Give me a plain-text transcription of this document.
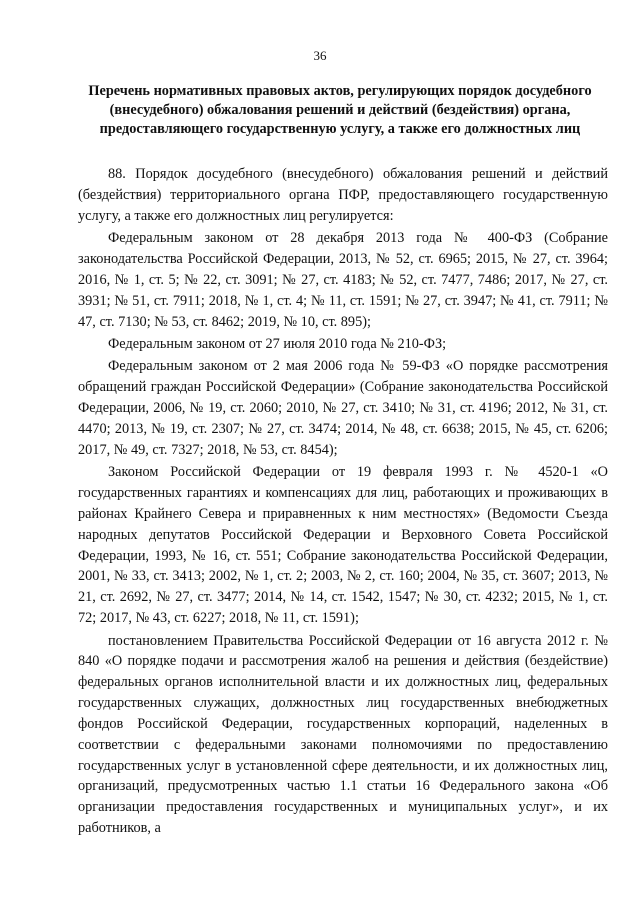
36
Перечень нормативных правовых актов, регулирующих порядок досудебного (внесудебного) обжалования решений и действий (бездействия) органа, предоставляющего государственную услугу, а также его должностных лиц

88. Порядок досудебного (внесудебного) обжалования решений и действий (бездействия) территориального органа ПФР, предоставляющего государственную услугу, а также его должностных лиц регулируется:

Федеральным законом от 28 декабря 2013 года № 400-ФЗ (Собрание законодательства Российской Федерации, 2013, № 52, ст. 6965; 2015, № 27, ст. 3964; 2016, № 1, ст. 5; № 22, ст. 3091; № 27, ст. 4183; № 52, ст. 7477, 7486; 2017, № 27, ст. 3931; № 51, ст. 7911; 2018, № 1, ст. 4; № 11, ст. 1591; № 27, ст. 3947; № 41, ст. 7911; № 47, ст. 7130; № 53, ст. 8462; 2019, № 10, ст. 895);

Федеральным законом от 27 июля 2010 года № 210-ФЗ;

Федеральным законом от 2 мая 2006 года № 59-ФЗ «О порядке рассмотрения обращений граждан Российской Федерации» (Собрание законодательства Российской Федерации, 2006, № 19, ст. 2060; 2010, № 27, ст. 3410; № 31, ст. 4196; 2012, № 31, ст. 4470; 2013, № 19, ст. 2307; № 27, ст. 3474; 2014, № 48, ст. 6638; 2015, № 45, ст. 6206; 2017, № 49, ст. 7327; 2018, № 53, ст. 8454);

Законом Российской Федерации от 19 февраля 1993 г. № 4520-1 «О государственных гарантиях и компенсациях для лиц, работающих и проживающих в районах Крайнего Севера и приравненных к ним местностях» (Ведомости Съезда народных депутатов Российской Федерации и Верховного Совета Российской Федерации, 1993, № 16, ст. 551; Собрание законодательства Российской Федерации, 2001, № 33, ст. 3413; 2002, № 1, ст. 2; 2003, № 2, ст. 160; 2004, № 35, ст. 3607; 2013, № 21, ст. 2692, № 27, ст. 3477; 2014, № 14, ст. 1542, 1547; № 30, ст. 4232; 2015, № 1, ст. 72; 2017, № 43, ст. 6227; 2018, № 11, ст. 1591);

постановлением Правительства Российской Федерации от 16 августа 2012 г. № 840 «О порядке подачи и рассмотрения жалоб на решения и действия (бездействие) федеральных органов исполнительной власти и их должностных лиц, федеральных государственных служащих, должностных лиц государственных внебюджетных фондов Российской Федерации, государственных корпораций, наделенных в соответствии с федеральными законами полномочиями по предоставлению государственных услуг в установленной сфере деятельности, и их должностных лиц, организаций, предусмотренных частью 1.1 статьи 16 Федерального закона «Об организации предоставления государственных и муниципальных услуг», и их работников, а
